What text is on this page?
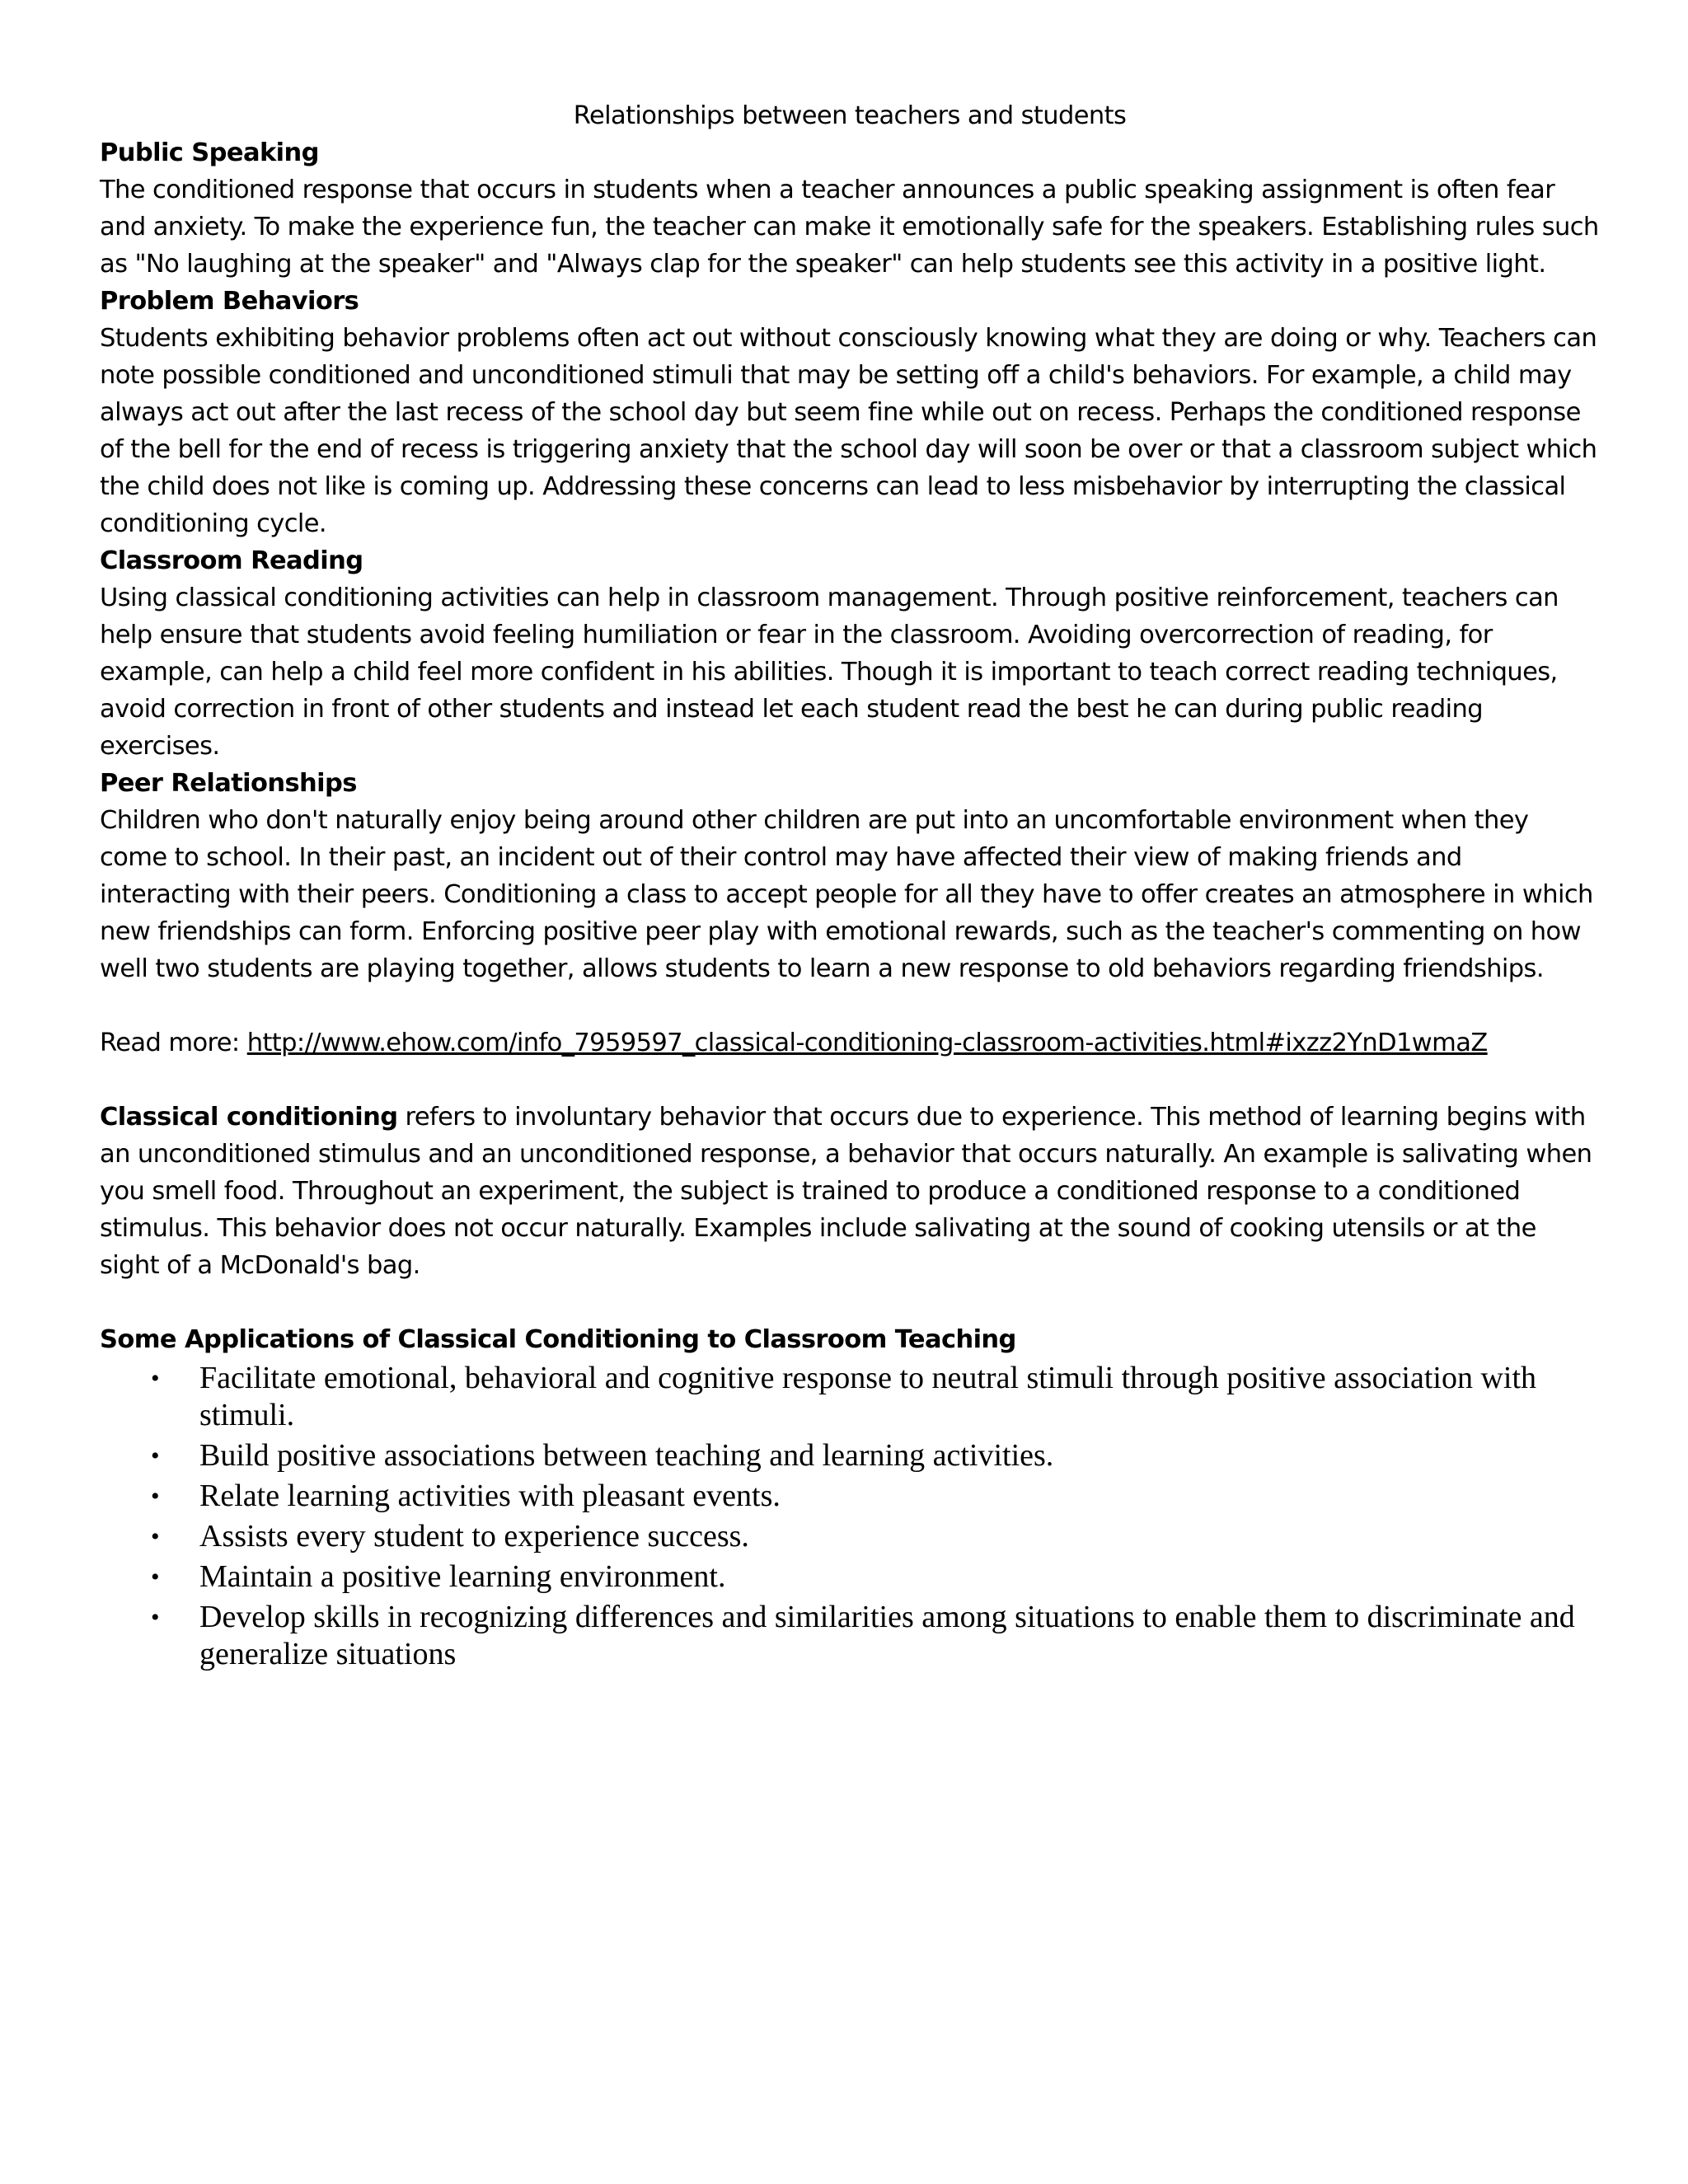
Relationships between teachers and students
Public Speaking
The conditioned response that occurs in students when a teacher announces a public speaking assignment is often fear and anxiety. To make the experience fun, the teacher can make it emotionally safe for the speakers. Establishing rules such as "No laughing at the speaker" and "Always clap for the speaker" can help students see this activity in a positive light.
Problem Behaviors
Students exhibiting behavior problems often act out without consciously knowing what they are doing or why. Teachers can note possible conditioned and unconditioned stimuli that may be setting off a child's behaviors. For example, a child may always act out after the last recess of the school day but seem fine while out on recess. Perhaps the conditioned response of the bell for the end of recess is triggering anxiety that the school day will soon be over or that a classroom subject which the child does not like is coming up. Addressing these concerns can lead to less misbehavior by interrupting the classical conditioning cycle.
Classroom Reading
Using classical conditioning activities can help in classroom management. Through positive reinforcement, teachers can help ensure that students avoid feeling humiliation or fear in the classroom. Avoiding overcorrection of reading, for example, can help a child feel more confident in his abilities. Though it is important to teach correct reading techniques, avoid correction in front of other students and instead let each student read the best he can during public reading exercises.
Peer Relationships
Children who don't naturally enjoy being around other children are put into an uncomfortable environment when they come to school. In their past, an incident out of their control may have affected their view of making friends and interacting with their peers. Conditioning a class to accept people for all they have to offer creates an atmosphere in which new friendships can form. Enforcing positive peer play with emotional rewards, such as the teacher's commenting on how well two students are playing together, allows students to learn a new response to old behaviors regarding friendships.
Read more: http://www.ehow.com/info_7959597_classical-conditioning-classroom-activities.html#ixzz2YnD1wmaZ
Classical conditioning refers to involuntary behavior that occurs due to experience. This method of learning begins with an unconditioned stimulus and an unconditioned response, a behavior that occurs naturally. An example is salivating when you smell food. Throughout an experiment, the subject is trained to produce a conditioned response to a conditioned stimulus. This behavior does not occur naturally. Examples include salivating at the sound of cooking utensils or at the sight of a McDonald's bag.
Some Applications of Classical Conditioning to Classroom Teaching
• Facilitate emotional, behavioral and cognitive response to neutral stimuli through positive association with stimuli.
• Build positive associations between teaching and learning activities.
• Relate learning activities with pleasant events.
• Assists every student to experience success.
• Maintain a positive learning environment.
• Develop skills in recognizing differences and similarities among situations to enable them to discriminate and generalize situations
